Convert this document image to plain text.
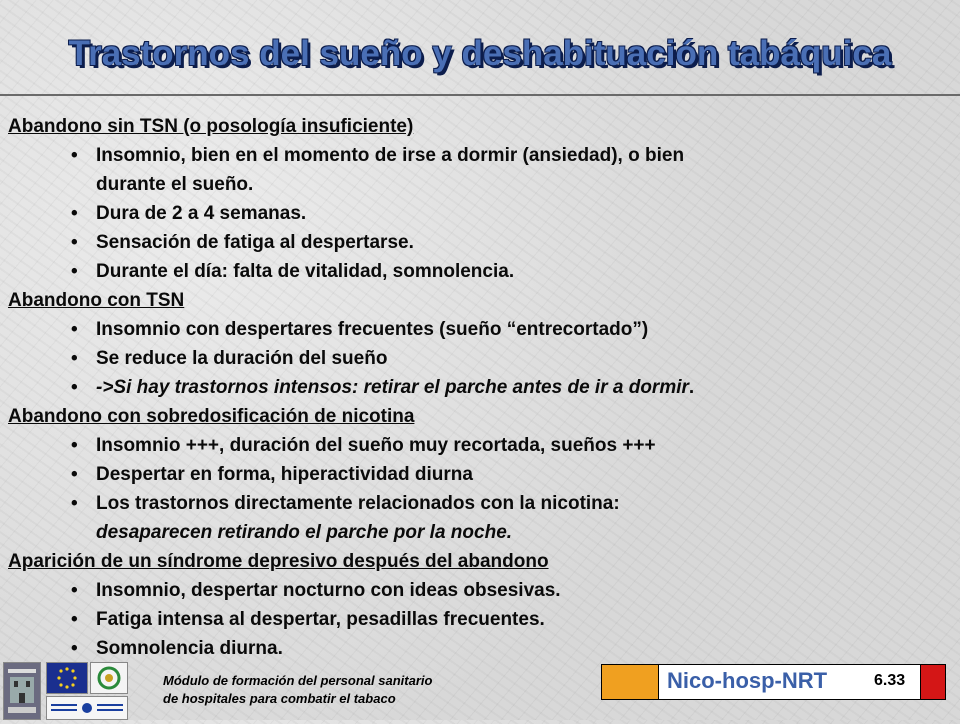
Trastornos del sueño y deshabituación tabáquica

Abandono sin TSN (o posología insuficiente)

• Insomnio, bien en el momento de irse a dormir (ansiedad), o bien
durante el sueño.
• Dura de 2 a 4 semanas.
• Sensación de fatiga al despertarse.
• Durante el día: falta de vitalidad, somnolencia.

Abandono con TSN

• Insomnio con despertares frecuentes (sueño “entrecortado”)
• Se reduce la duración del sueño
• ->Si hay trastornos intensos: retirar el parche antes de ir a dormir.

Abandono con sobredosificación de nicotina

• Insomnio +++, duración del sueño muy recortada, sueños +++
• Despertar en forma, hiperactividad diurna
• Los trastornos directamente relacionados con la nicotina:
desaparecen retirando el parche por la noche.

Aparición de un síndrome depresivo después del abandono

• Insomnio, despertar nocturno con ideas obsesivas.
• Fatiga intensa al despertar, pesadillas frecuentes.
• Somnolencia diurna.
Módulo de formación del personal sanitario
de hospitales para combatir el tabaco
Nico-hosp-NRT	6.33
